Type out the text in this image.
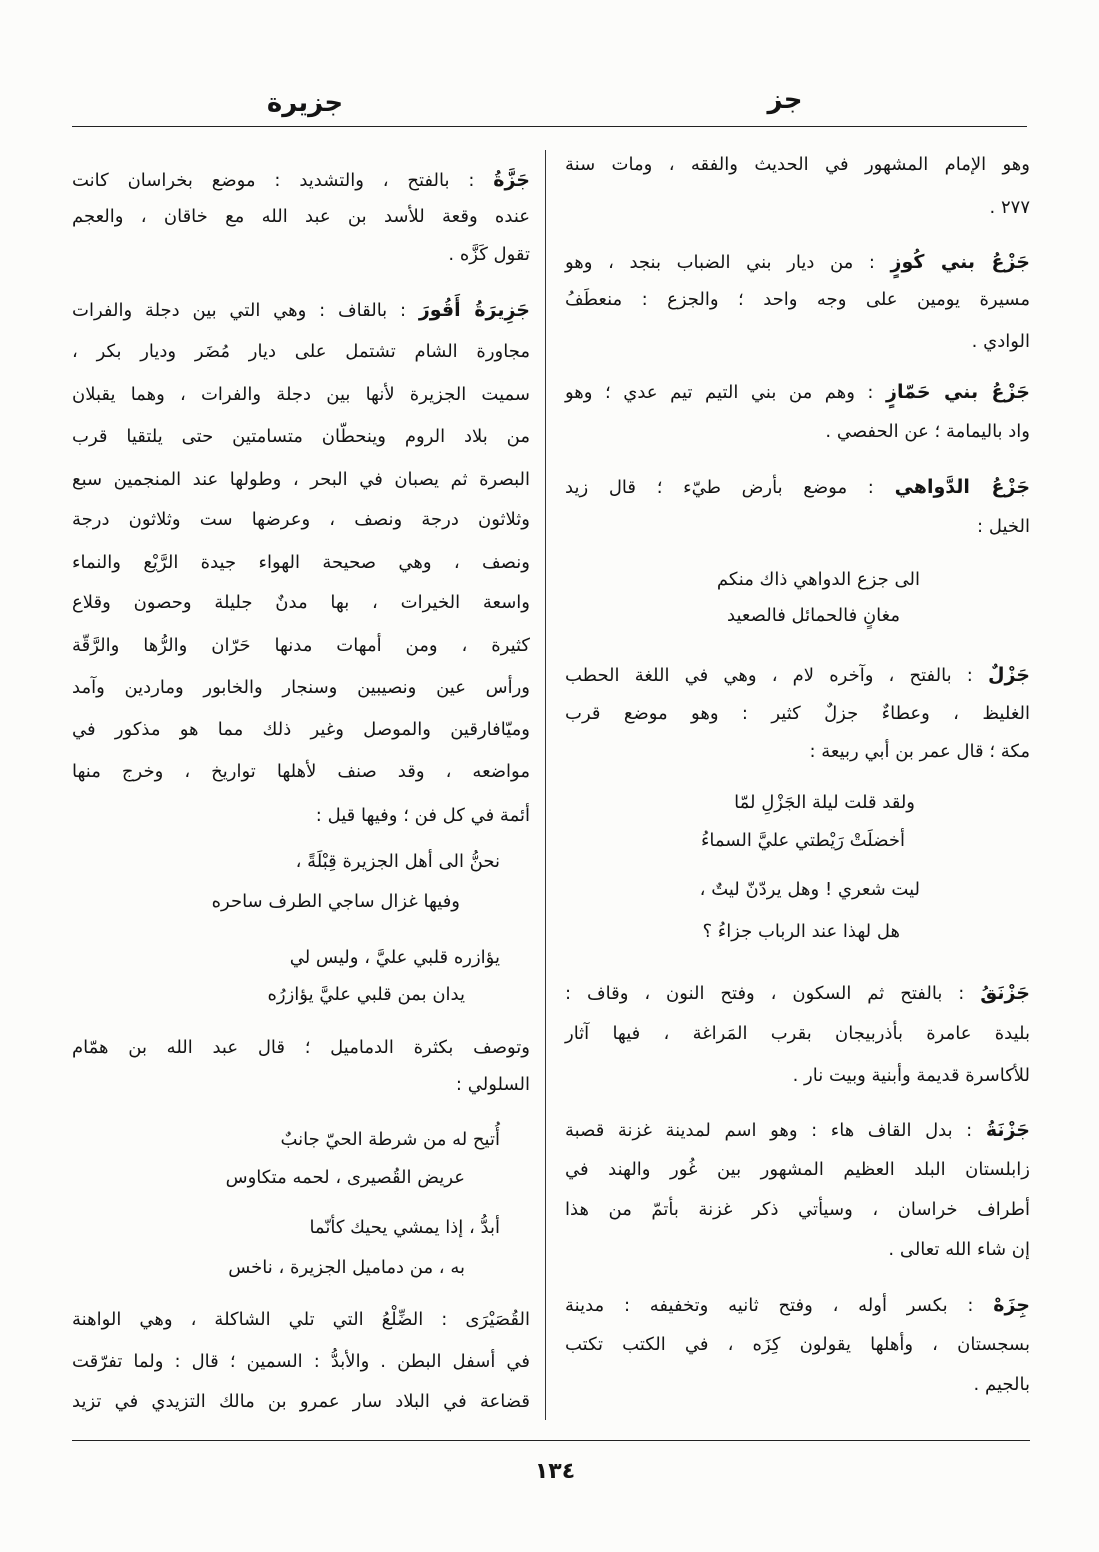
جز
جزيرة
وهو الإمام المشهور في الحديث والفقه ، ومات سنة
٢٧٧ .
جَزْعُ بني كُوزٍ : من ديار بني الضباب بنجد ، وهو
مسيرة يومين على وجه واحد ؛ والجزع : منعطَفُ
الوادي .
جَزْعُ بني حَمّازٍ : وهم من بني التيم تيم عدي ؛ وهو
واد باليمامة ؛ عن الحفصي .
جَزْعُ الدَّواهي : موضع بأرض طيّء ؛ قال زيد
الخيل :
الى جزع الدواهي ذاك منكم
مغانٍ فالحمائل فالصعيد
جَزْلٌ : بالفتح ، وآخره لام ، وهي في اللغة الحطب
الغليظ ، وعطاءٌ جزلٌ كثير : وهو موضع قرب
مكة ؛ قال عمر بن أبي ربيعة :
ولقد قلت ليلة الجَزْلِ لمّا
أخضلَتْ رَيْطتي عليَّ السماءُ
ليت شعري ! وهل يردّنّ ليتٌ ،
هل لهذا عند الرباب جزاءُ ؟
جَزْنَقُ : بالفتح ثم السكون ، وفتح النون ، وقاف :
بليدة عامرة بأذربيجان بقرب المَراغة ، فيها آثار
للأكاسرة قديمة وأبنية وبيت نار .
جَزْنَةُ : بدل القاف هاء : وهو اسم لمدينة غزنة قصبة
زابلستان البلد العظيم المشهور بين غُور والهند في
أطراف خراسان ، وسيأتي ذكر غزنة بأتمّ من هذا
إن شاء الله تعالى .
جِزَهْ : بكسر أوله ، وفتح ثانيه وتخفيفه : مدينة
بسجستان ، وأهلها يقولون كِزَه ، في الكتب تكتب
بالجيم .
جَزَّةُ : بالفتح ، والتشديد : موضع بخراسان كانت
عنده وقعة للأسد بن عبد الله مع خاقان ، والعجم
تقول كَزَّه .
جَزِيرَةُ أَقُورَ : بالقاف : وهي التي بين دجلة والفرات
مجاورة الشام تشتمل على ديار مُضَر وديار بكر ،
سميت الجزيرة لأنها بين دجلة والفرات ، وهما يقبلان
من بلاد الروم وينحطّان متسامتين حتى يلتقيا قرب
البصرة ثم يصبان في البحر ، وطولها عند المنجمين سبع
وثلاثون درجة ونصف ، وعرضها ست وثلاثون درجة
ونصف ، وهي صحيحة الهواء جيدة الرَّيْع والنماء
واسعة الخيرات ، بها مدنٌ جليلة وحصون وقلاع
كثيرة ، ومن أمهات مدنها حَرّان والرُّها والرَّقّة
ورأس عين ونصيبين وسنجار والخابور وماردين وآمد
وميّافارقين والموصل وغير ذلك مما هو مذكور في
مواضعه ، وقد صنف لأهلها تواريخ ، وخرج منها
أئمة في كل فن ؛ وفيها قيل :
نحنُّ الى أهل الجزيرة قِبْلَةً ،
وفيها غزال ساجي الطرف ساحره
يؤازره قلبي عليَّ ، وليس لي
يدان بمن قلبي عليَّ يؤازرُه
وتوصف بكثرة الدماميل ؛ قال عبد الله بن همّام
السلولي :
أُتيح له من شرطة الحيّ جانبٌ
عريض القُصيرى ، لحمه متكاوس
أبدُّ ، إذا يمشي يحيك كأنّما
به ، من دماميل الجزيرة ، ناخس
القُصَيْرَى : الضِّلْعُ التي تلي الشاكلة ، وهي الواهنة
في أسفل البطن . والأبدُّ : السمين ؛ قال : ولما تفرّقت
قضاعة في البلاد سار عمرو بن مالك التزيدي في تزيد
١٣٤
